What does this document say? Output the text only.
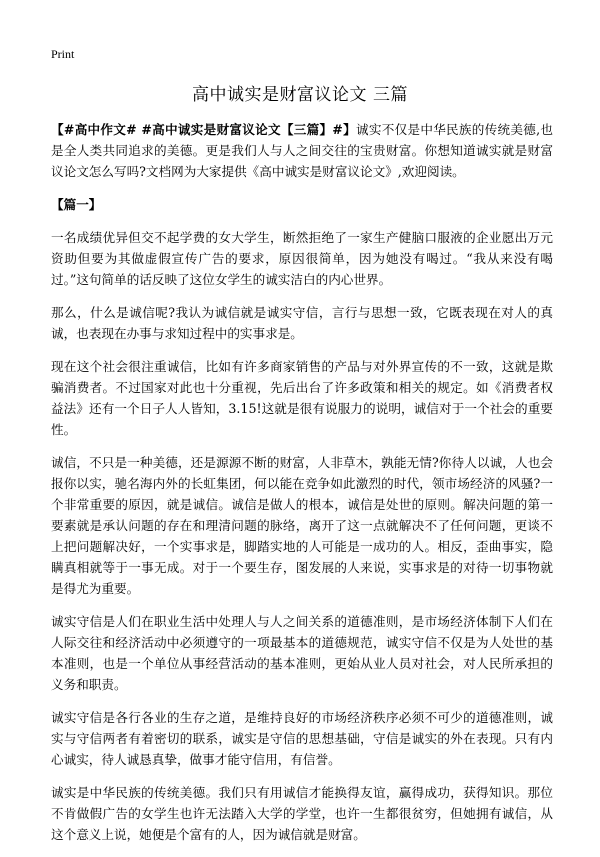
Print
高中诚实是财富议论文 三篇

【#高中作文# #高中诚实是财富议论文【三篇】#】诚实不仅是中华民族的传统美德,也是全人类共同追求的美德。更是我们人与人之间交往的宝贵财富。你想知道诚实就是财富议论文怎么写吗?文档网为大家提供《高中诚实是财富议论文》,欢迎阅读。

【篇一】

一名成绩优异但交不起学费的女大学生，断然拒绝了一家生产健脑口服液的企业愿出万元资助但要为其做虚假宣传广告的要求，原因很简单，因为她没有喝过。“我从来没有喝过。”这句简单的话反映了这位女学生的诚实洁白的内心世界。

那么，什么是诚信呢?我认为诚信就是诚实守信，言行与思想一致，它既表现在对人的真诚，也表现在办事与求知过程中的实事求是。

现在这个社会很注重诚信，比如有许多商家销售的产品与对外界宣传的不一致，这就是欺骗消费者。不过国家对此也十分重视，先后出台了许多政策和相关的规定。如《消费者权益法》还有一个日子人人皆知，3.15!这就是很有说服力的说明，诚信对于一个社会的重要性。

诚信，不只是一种美德，还是源源不断的财富，人非草木，孰能无情?你待人以诚，人也会报你以实，驰名海内外的长虹集团，何以能在竞争如此激烈的时代，领市场经济的风骚?一个非常重要的原因，就是诚信。诚信是做人的根本，诚信是处世的原则。解决问题的第一要素就是承认问题的存在和理清问题的脉络，离开了这一点就解决不了任何问题，更谈不上把问题解决好，一个实事求是，脚踏实地的人可能是一成功的人。相反，歪曲事实，隐瞒真相就等于一事无成。对于一个要生存，图发展的人来说，实事求是的对待一切事物就是得尤为重要。

诚实守信是人们在职业生活中处理人与人之间关系的道德准则，是市场经济体制下人们在人际交往和经济活动中必须遵守的一项最基本的道德规范，诚实守信不仅是为人处世的基本准则，也是一个单位从事经营活动的基本准则，更始从业人员对社会，对人民所承担的义务和职责。

诚实守信是各行各业的生存之道，是维持良好的市场经济秩序必须不可少的道德准则，诚实与守信两者有着密切的联系，诚实是守信的思想基础，守信是诚实的外在表现。只有内心诚实，待人诚恳真挚，做事才能守信用，有信誉。

诚实是中华民族的传统美德。我们只有用诚信才能换得友谊，赢得成功，获得知识。那位不肯做假广告的女学生也许无法踏入大学的学堂，也许一生都很贫穷，但她拥有诚信，从这个意义上说，她便是个富有的人，因为诚信就是财富。
